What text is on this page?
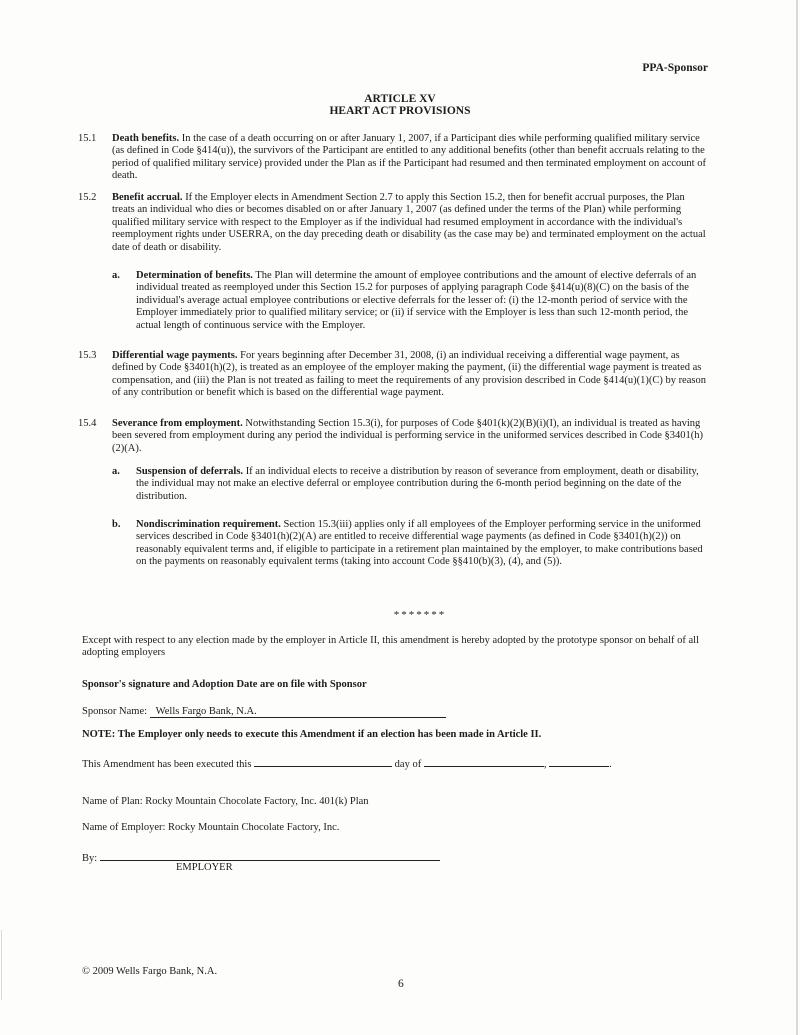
PPA-Sponsor
ARTICLE XV
HEART ACT PROVISIONS
15.1 Death benefits. In the case of a death occurring on or after January 1, 2007, if a Participant dies while performing qualified military service (as defined in Code §414(u)), the survivors of the Participant are entitled to any additional benefits (other than benefit accruals relating to the period of qualified military service) provided under the Plan as if the Participant had resumed and then terminated employment on account of death.
15.2 Benefit accrual. If the Employer elects in Amendment Section 2.7 to apply this Section 15.2, then for benefit accrual purposes, the Plan treats an individual who dies or becomes disabled on or after January 1, 2007 (as defined under the terms of the Plan) while performing qualified military service with respect to the Employer as if the individual had resumed employment in accordance with the individual's reemployment rights under USERRA, on the day preceding death or disability (as the case may be) and terminated employment on the actual date of death or disability.
a. Determination of benefits. The Plan will determine the amount of employee contributions and the amount of elective deferrals of an individual treated as reemployed under this Section 15.2 for purposes of applying paragraph Code §414(u)(8)(C) on the basis of the individual's average actual employee contributions or elective deferrals for the lesser of: (i) the 12-month period of service with the Employer immediately prior to qualified military service; or (ii) if service with the Employer is less than such 12-month period, the actual length of continuous service with the Employer.
15.3 Differential wage payments. For years beginning after December 31, 2008, (i) an individual receiving a differential wage payment, as defined by Code §3401(h)(2), is treated as an employee of the employer making the payment, (ii) the differential wage payment is treated as compensation, and (iii) the Plan is not treated as failing to meet the requirements of any provision described in Code §414(u)(1)(C) by reason of any contribution or benefit which is based on the differential wage payment.
15.4 Severance from employment. Notwithstanding Section 15.3(i), for purposes of Code §401(k)(2)(B)(i)(I), an individual is treated as having been severed from employment during any period the individual is performing service in the uniformed services described in Code §3401(h)(2)(A).
a. Suspension of deferrals. If an individual elects to receive a distribution by reason of severance from employment, death or disability, the individual may not make an elective deferral or employee contribution during the 6-month period beginning on the date of the distribution.
b. Nondiscrimination requirement. Section 15.3(iii) applies only if all employees of the Employer performing service in the uniformed services described in Code §3401(h)(2)(A) are entitled to receive differential wage payments (as defined in Code §3401(h)(2)) on reasonably equivalent terms and, if eligible to participate in a retirement plan maintained by the employer, to make contributions based on the payments on reasonably equivalent terms (taking into account Code §§410(b)(3), (4), and (5)).
*******
Except with respect to any election made by the employer in Article II, this amendment is hereby adopted by the prototype sponsor on behalf of all adopting employers
Sponsor's signature and Adoption Date are on file with Sponsor
Sponsor Name: Wells Fargo Bank, N.A.
NOTE: The Employer only needs to execute this Amendment if an election has been made in Article II.
This Amendment has been executed this	day of	,	.
Name of Plan: Rocky Mountain Chocolate Factory, Inc. 401(k) Plan
Name of Employer: Rocky Mountain Chocolate Factory, Inc.
By:
EMPLOYER
© 2009 Wells Fargo Bank, N.A.
6
